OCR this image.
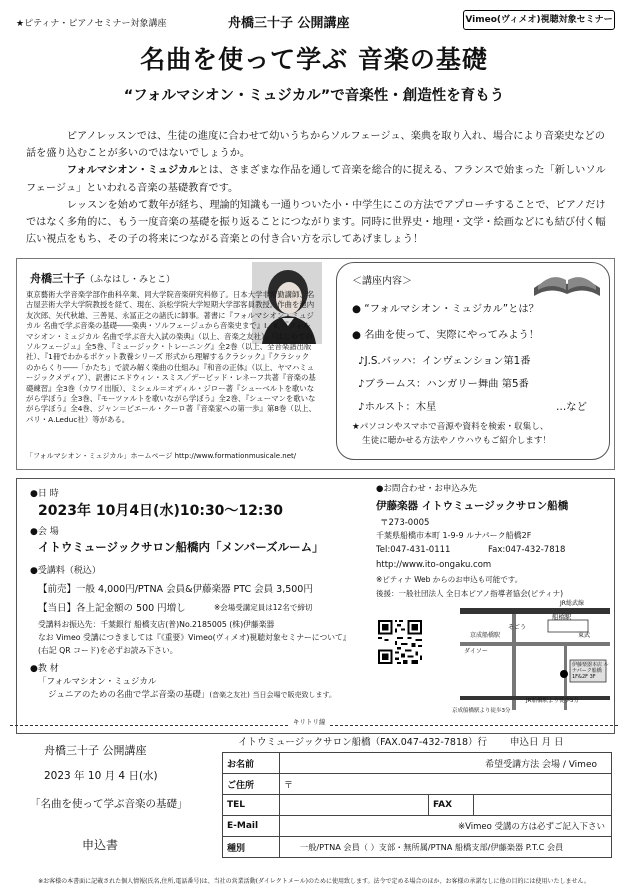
★ピティナ・ピアノセミナー対象講座	舟橋三十子 公開講座	Vimeo(ヴィメオ)視聴対象セミナー
名曲を使って学ぶ 音楽の基礎
“フォルマシオン・ミュジカル”で音楽性・創造性を育もう

ピアノレッスンでは、生徒の進度に合わせて幼いうちからソルフェージュ、楽典を取り入れ、場合により音楽史などの話を盛り込むことが多いのではないでしょうか。

フォルマシオン・ミュジカルとは、さまざまな作品を通して音楽を総合的に捉える、フランスで始まった「新しいソルフェージュ」といわれる音楽の基礎教育です。

レッスンを始めて数年が経ち、理論的知識も一通りついた小・中学生にこの方法でアプローチすることで、ピアノだけではなく多角的に、もう一度音楽の基礎を振り返ることにつながります。同時に世界史・地理・文学・絵画などにも結び付く幅広い視点をもち、その子の将来につながる音楽との付き合い方を示してあげましょう！

舟橋三十子（ふなはし・みとこ）
東京藝術大学音楽学部作曲科卒業、同大学院音楽研究科修了。日本大学非常勤講師、名古屋芸術大学大学院教授を経て、現在、浜松学院大学短期大学部客員教授。作曲を池内友次郎、矢代秋雄、三善晃、永冨正之の諸氏に師事。著書に『フォルマシオン・ミュジカル 名曲で学ぶ音楽の基礎――楽典・ソルフェージュから音楽史まで』Ⅰ、Ⅱ、『フォルマシオン・ミュジカル 名曲で学ぶ音大入試の楽典』（以上、音楽之友社）、『はじめてのソルフェージュ』全5巻、『ミュージック・トレーニング』全2巻（以上、全音楽譜出版社）、『1冊でわかるポケット教養シリーズ 形式から理解するクラシック』『クラシックのからくり――「かたち」で読み解く楽曲の仕組み』『和音の正体』（以上、ヤマハミュージックメディア）、訳書にエドウィン・スミス／デービッド・レネーフ共著『音楽の基礎練習』全3巻（カワイ出版）、ミシェル＝オディル・ジロー著『シューベルトを歌いながら学ぼう』全3巻、『モーツァルトを歌いながら学ぼう』全2巻、『シューマンを歌いながら学ぼう』全4巻、ジャン＝ピエール・クーロ著『音楽家への第一歩』第8巻（以上、パリ・A.Leduc社）等がある。
「フォルマシオン・ミュジカル」ホームページ http://www.formationmusicale.net/
＜講座内容＞
● “フォルマシオン・ミュジカル”とは？
● 名曲を使って、実際にやってみよう！
♪J.S.バッハ：インヴェンション第1番
♪ブラームス：ハンガリー舞曲 第5番
♪ホルスト：木星	…など
★パソコンやスマホで音源や資料を検索・収集し、
生徒に聴かせる方法やノウハウもご紹介します！
●日 時
2023年 10月4日(水)10:30～12:30
●会 場
イトウミュージックサロン船橋内「メンバーズルーム」
●受講料（税込）
【前売】一般 4,000円/PTNA 会員&伊藤楽器 PTC 会員 3,500円
【当日】各上記金額の 500 円増し	※会場受講定員は12名で締切
受講料お振込先：千葉銀行 船橋支店(普)No.2185005 (株)伊藤楽器
なお Vimeo 受講につきましては『《重要》Vimeo(ヴィメオ)視聴対象セミナーについて』
(右記 QR コード)を必ずお読み下さい。
●教 材
「フォルマシオン・ミュジカル
ジュニアのための名曲で学ぶ音楽の基礎」(音楽之友社) 当日会場で販売致します。
●お問合わせ・お申込み先
伊藤楽器 イトウミュージックサロン船橋
〒273-0005
千葉県船橋市本町 1-9-9 ルナパーク船橋2F
Tel:047-431-0111	Fax:047-432-7818
http://www.ito-ongaku.com
※ピティナ Web からのお申込も可能です。
後援：一般社団法人 全日本ピアノ指導者協会(ピティナ)
JR総武線
船橋駅
そごう
東武
京成船橋駅
ダイソー
伊藤楽器本店 ルナパーク船橋 1F&2F 3F
JR船橋駅より徒歩5分
京成船橋駅より徒歩3分
キリトリ線
イトウミュージックサロン船橋（FAX.047-432-7818）行 申込日 月 日
舟橋三十子 公開講座
2023 年 10 月 4 日(水)
「名曲を使って学ぶ音楽の基礎」
申込書
お名前	希望受講方法 会場 / Vimeo		
ご住所	〒		
TEL		FAX	
E-Mail	※Vimeo 受講の方は必ずご記入下さい		
種別	一般/PTNA 会員（ ）支部・無所属/PTNA 船橋支部/伊藤楽器 P.T.C 会員		
※お客様の本書面に記載された個人情報(氏名,住所,電話番号)は、当社の営業活動(ダイレクトメール)のために使用致します。法令で定める場合のほか、お客様の承諾なしに他の目的には使用いたしません。
